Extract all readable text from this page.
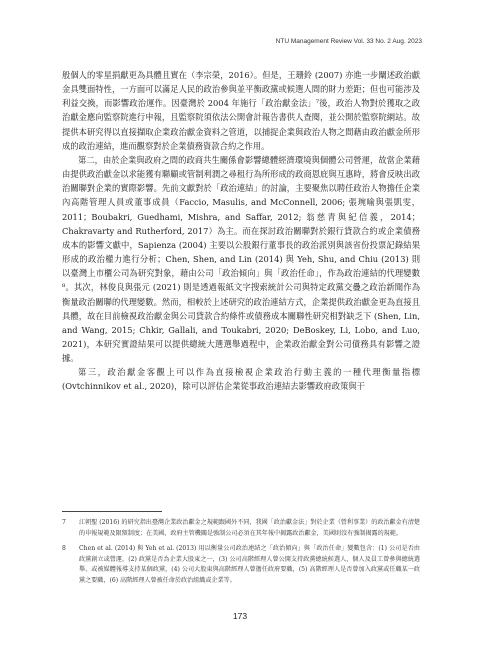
NTU Management Review Vol. 33 No. 2 Aug. 2023

般個人的零星捐獻更為具體且實在（李宗榮，2016）。但是，王珊鈴 (2007) 亦進一步闡述政治獻金具雙面特性，一方面可以滿足人民的政治參與並平衡政黨或候選人間的財力差距；但也可能涉及利益交換，而影響政治運作。因臺灣於 2004 年施行「政治獻金法」⁷後，政治人物對於獲取之政治獻金應向監察院進行申報，且監察院須依法公開會計報告書供人查閱，並公開於監察院網站。故提供本研究得以直接擷取企業政治獻金資料之管道，以捕捉企業與政治人物之間藉由政治獻金所形成的政治連結，進而觀察對於企業債務資款合約之作用。

第二，由於企業與政府之間的政商共生關係會影響總體經濟環境與個體公司營運，故當企業藉由提供政治獻金以求能獲有聯顧或管制利潤之尋租行為所形成的政商恩庇與互惠時，將會反映出政治關聯對企業的實際影響。先前文獻對於「政治連結」的討論，主要聚焦以聘任政治人物擔任企業內高階管理人員或董事成員（Faccio, Masulis, and McConnell, 2006; 張琬喻與張凱雯，2011；Boubakri, Guedhami, Mishra, and Saffar, 2012; 翁慈青與紀信義，2014；Chakravarty and Rutherford, 2017）為主。而在探討政治關聯對於銀行貸款合約或企業債務成本的影響文獻中，Sapienza (2004) 主要以公股銀行董事長的政治派別與該省份投票記錄結果形成的政治權力進行分析；Chen, Shen, and Lin (2014) 與 Yeh, Shu, and Chiu (2013) 則以臺灣上市櫃公司為研究對象，藉由公司「政治傾向」與「政治任命」，作為政治連結的代理變數⁸。其次，林俊良與張元 (2021) 則是透過報紙文字搜索統計公司與特定政黨交疊之政治新聞作為衡量政治關聯的代理變數。然而，相較於上述研究的政治連結方式，企業提供政治獻金更為直接且具體，故在目前檢視政治獻金與公司貸款合約條件或債務成本關聯性研究相對缺乏下 (Shen, Lin, and Wang, 2015; Chkir, Gallali, and Toukabri, 2020; DeBoskey, Li, Lobo, and Luo, 2021)，本研究實證結果可以提供總統大選選舉過程中，企業政治獻金對公司債務具有影響之證據。

第三，政治獻金客觀上可以作為直接檢視企業政治行動主義的一種代理衡量指標 (Ovtchinnikov et al., 2020)，除可以評估企業從事政治連結去影響政府政策與干

7	江朝聖 (2016) 的研究指出臺灣企業政治獻金之規範跟國外不同，我國「政治獻金法」對於企業（營利事業）的政治獻金有清楚的申報規範及限額制度；在美國，政府主管機關是強制公司必須在其年報中揭露政治獻金，美國則沒有強制揭露的規範。
8	Chen et al. (2014) 與 Yeh et al. (2013) 用以衡量公司政治連結之「政治傾向」與「政治任命」變數包含：(1) 公司是否由政黨創立或營運，(2) 政黨是否為企業大股東之一，(3) 公司高階經理人曾公開支持政黨總統候選人，個人及員工曾參與總統選舉、或被媒體報導支持某個政黨，(4) 公司大股東與高階經理人曾擔任政府要職，(5) 高階經理人是否曾加入政黨或任職某一政黨之要職，(6) 高階經理人曾被任命於政治組織或企業等。
173
